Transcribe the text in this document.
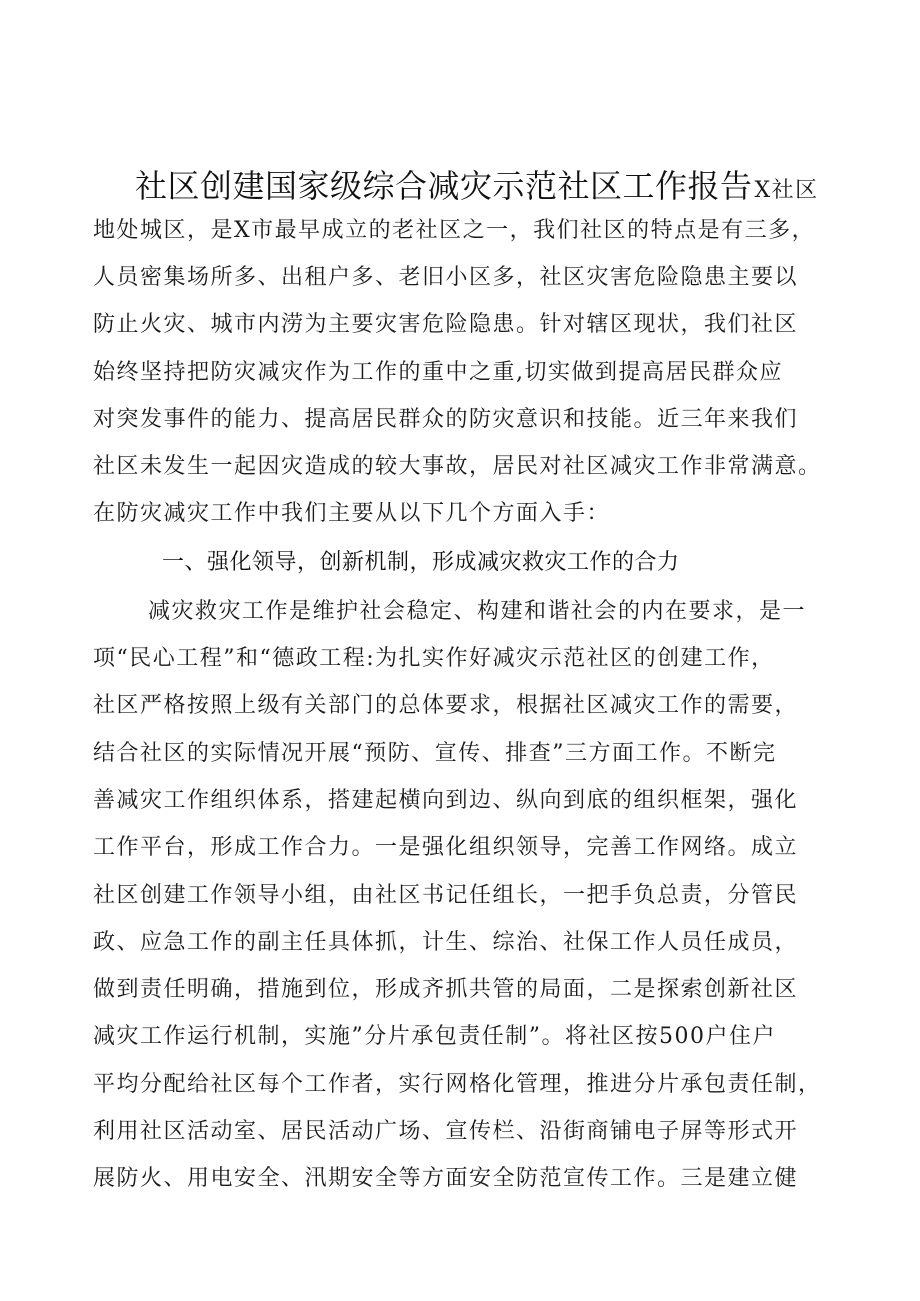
社区创建国家级综合减灾示范社区工作报告X社区
地处城区，是X市最早成立的老社区之一，我们社区的特点是有三多，
人员密集场所多、出租户多、老旧小区多，社区灾害危险隐患主要以
防止火灾、城市内涝为主要灾害危险隐患。针对辖区现状，我们社区
始终坚持把防灾减灾作为工作的重中之重,切实做到提高居民群众应
对突发事件的能力、提高居民群众的防灾意识和技能。近三年来我们
社区未发生一起因灾造成的较大事故，居民对社区减灾工作非常满意。
在防灾减灾工作中我们主要从以下几个方面入手：
一、强化领导，创新机制，形成减灾救灾工作的合力
减灾救灾工作是维护社会稳定、构建和谐社会的内在要求，是一
项“民心工程”和“德政工程:为扎实作好减灾示范社区的创建工作，
社区严格按照上级有关部门的总体要求，根据社区减灾工作的需要，
结合社区的实际情况开展“预防、宣传、排查”三方面工作。不断完
善减灾工作组织体系，搭建起横向到边、纵向到底的组织框架，强化
工作平台，形成工作合力。一是强化组织领导，完善工作网络。成立
社区创建工作领导小组，由社区书记任组长，一把手负总责，分管民
政、应急工作的副主任具体抓，计生、综治、社保工作人员任成员，
做到责任明确，措施到位，形成齐抓共管的局面，二是探索创新社区
减灾工作运行机制，实施”分片承包责任制”。将社区按500户住户
平均分配给社区每个工作者，实行网格化管理，推进分片承包责任制，
利用社区活动室、居民活动广场、宣传栏、沿街商铺电子屏等形式开
展防火、用电安全、汛期安全等方面安全防范宣传工作。三是建立健
